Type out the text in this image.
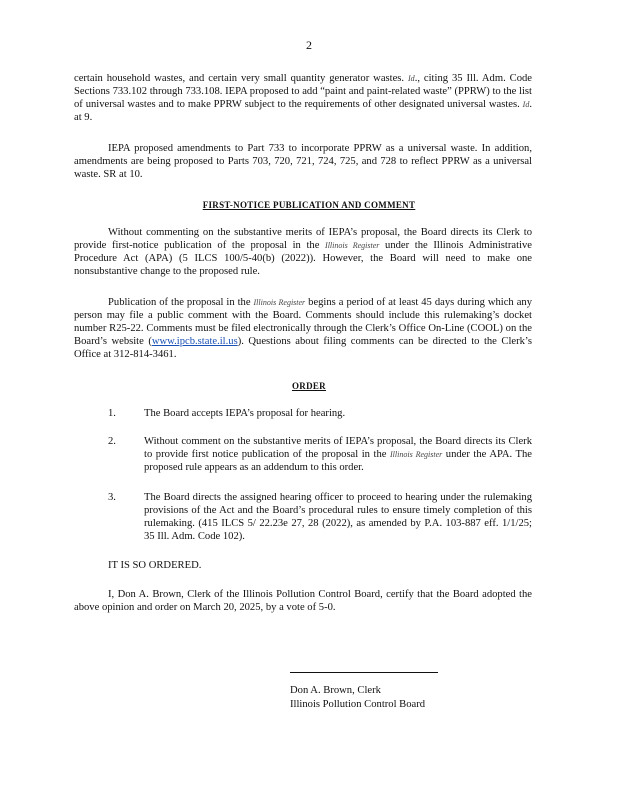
2

certain household wastes, and certain very small quantity generator wastes. Id., citing 35 Ill. Adm. Code Sections 733.102 through 733.108. IEPA proposed to add “paint and paint-related waste” (PPRW) to the list of universal wastes and to make PPRW subject to the requirements of other designated universal wastes. Id. at 9.

IEPA proposed amendments to Part 733 to incorporate PPRW as a universal waste. In addition, amendments are being proposed to Parts 703, 720, 721, 724, 725, and 728 to reflect PPRW as a universal waste. SR at 10.

FIRST-NOTICE PUBLICATION AND COMMENT

Without commenting on the substantive merits of IEPA’s proposal, the Board directs its Clerk to provide first-notice publication of the proposal in the Illinois Register under the Illinois Administrative Procedure Act (APA) (5 ILCS 100/5-40(b) (2022)). However, the Board will need to make one nonsubstantive change to the proposed rule.

Publication of the proposal in the Illinois Register begins a period of at least 45 days during which any person may file a public comment with the Board. Comments should include this rulemaking’s docket number R25-22. Comments must be filed electronically through the Clerk’s Office On-Line (COOL) on the Board’s website (www.ipcb.state.il.us). Questions about filing comments can be directed to the Clerk’s Office at 312-814-3461.

ORDER
1.	The Board accepts IEPA’s proposal for hearing.
2.	Without comment on the substantive merits of IEPA’s proposal, the Board directs its Clerk to provide first notice publication of the proposal in the Illinois Register under the APA. The proposed rule appears as an addendum to this order.
3.	The Board directs the assigned hearing officer to proceed to hearing under the rulemaking provisions of the Act and the Board’s procedural rules to ensure timely completion of this rulemaking. (415 ILCS 5/ 22.23e 27, 28 (2022), as amended by P.A. 103-887 eff. 1/1/25; 35 Ill. Adm. Code 102).
IT IS SO ORDERED.

I, Don A. Brown, Clerk of the Illinois Pollution Control Board, certify that the Board adopted the above opinion and order on March 20, 2025, by a vote of 5-0.

Don A. Brown, Clerk
Illinois Pollution Control Board
